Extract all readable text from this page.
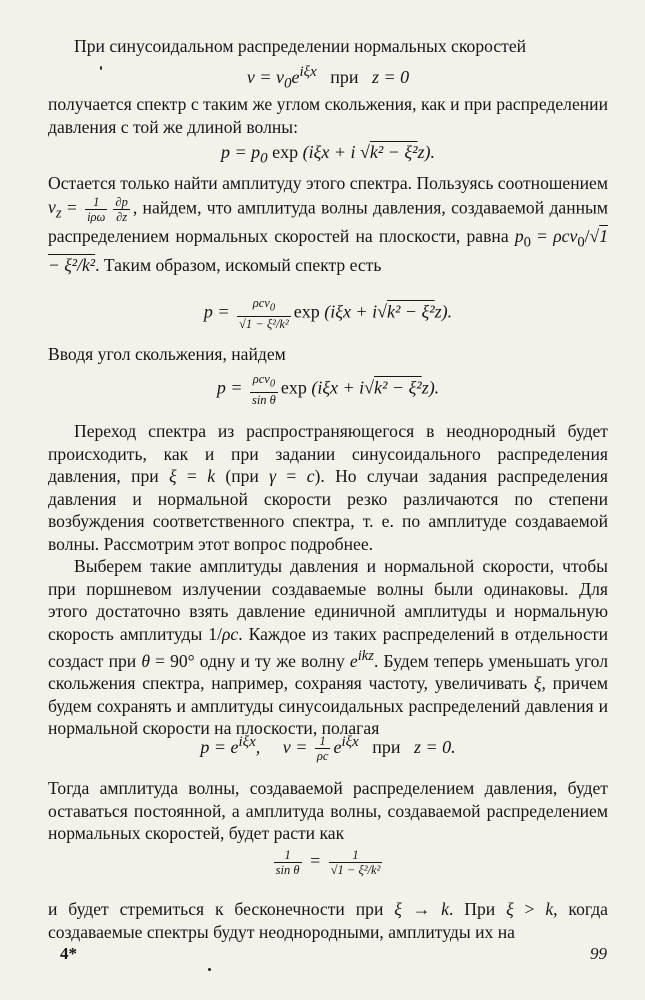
При синусоидальном распределении нормальных скоростей

$v = v_0e^{i\xi x}$ при   z = 0

получается спектр с таким же углом скольжения, как и при распределении давления с той же длиной волны:

$p = p_0$ exp (iξx + i √k² − ξ²z).

Остается только найти амплитуду этого спектра. Пользуясь соотношением $v_z = \frac{1}{\text{iρω}} \frac{\partial p}{\partial z}$ , найдем, что амплитуда волны давления, создаваемой данным распределением нормальных скоростей на плоскости, равна $p_0 = \rho cv_0/√1 - \xi^2/k^2$. Таким образом, искомый спектр есть

$p = \frac{\rho cv_0}{\text{√1 − ξ²/k²}}$ exp (iξx + i√k² − ξ²z).

Вводя угол скольжения, найдем

$p = \frac{\rho cv_0}{\text{sin θ}}$ exp (iξx + i√k² − ξ²z).

Переход спектра из распространяющегося в неоднородный будет происходить, как и при задании синусоидального распределения давления, при ξ = k (при γ = c). Но случаи задания распределения давления и нормальной скорости резко различаются по степени возбуждения соответственного спектра, т. е. по амплитуде создаваемой волны. Рассмотрим этот вопрос подробнее.

Выберем такие амплитуды давления и нормальной скорости, чтобы при поршневом излучении создаваемые волны были одинаковы. Для этого достаточно взять давление единичной амплитуды и нормальную скорость амплитуды 1/ρc. Каждое из таких распределений в отдельности создаст при θ = 90° одну и ту же волну $e^{ikz}$. Будем теперь уменьшать угол скольжения спектра, например, сохраняя частоту, увеличивать ξ, причем будем сохранять и амплитуды синусоидальных распределений давления и нормальной скорости на плоскости, полагая

$p = e^{i\xi x}$,     $v = \frac{1}{\rho c} e^{i\xi x}$ при   z = 0.

Тогда амплитуда волны, создаваемой распределением давления, будет оставаться постоянной, а амплитуда волны, создаваемой распределением нормальных скоростей, будет расти как

$\frac{1}{\text{sin θ}} = \frac{1}{\text{√1 − ξ²/k²}}$

и будет стремиться к бесконечности при ξ → k. При ξ > k, когда создаваемые спектры будут неоднородными, амплитуды их на

4*	99
